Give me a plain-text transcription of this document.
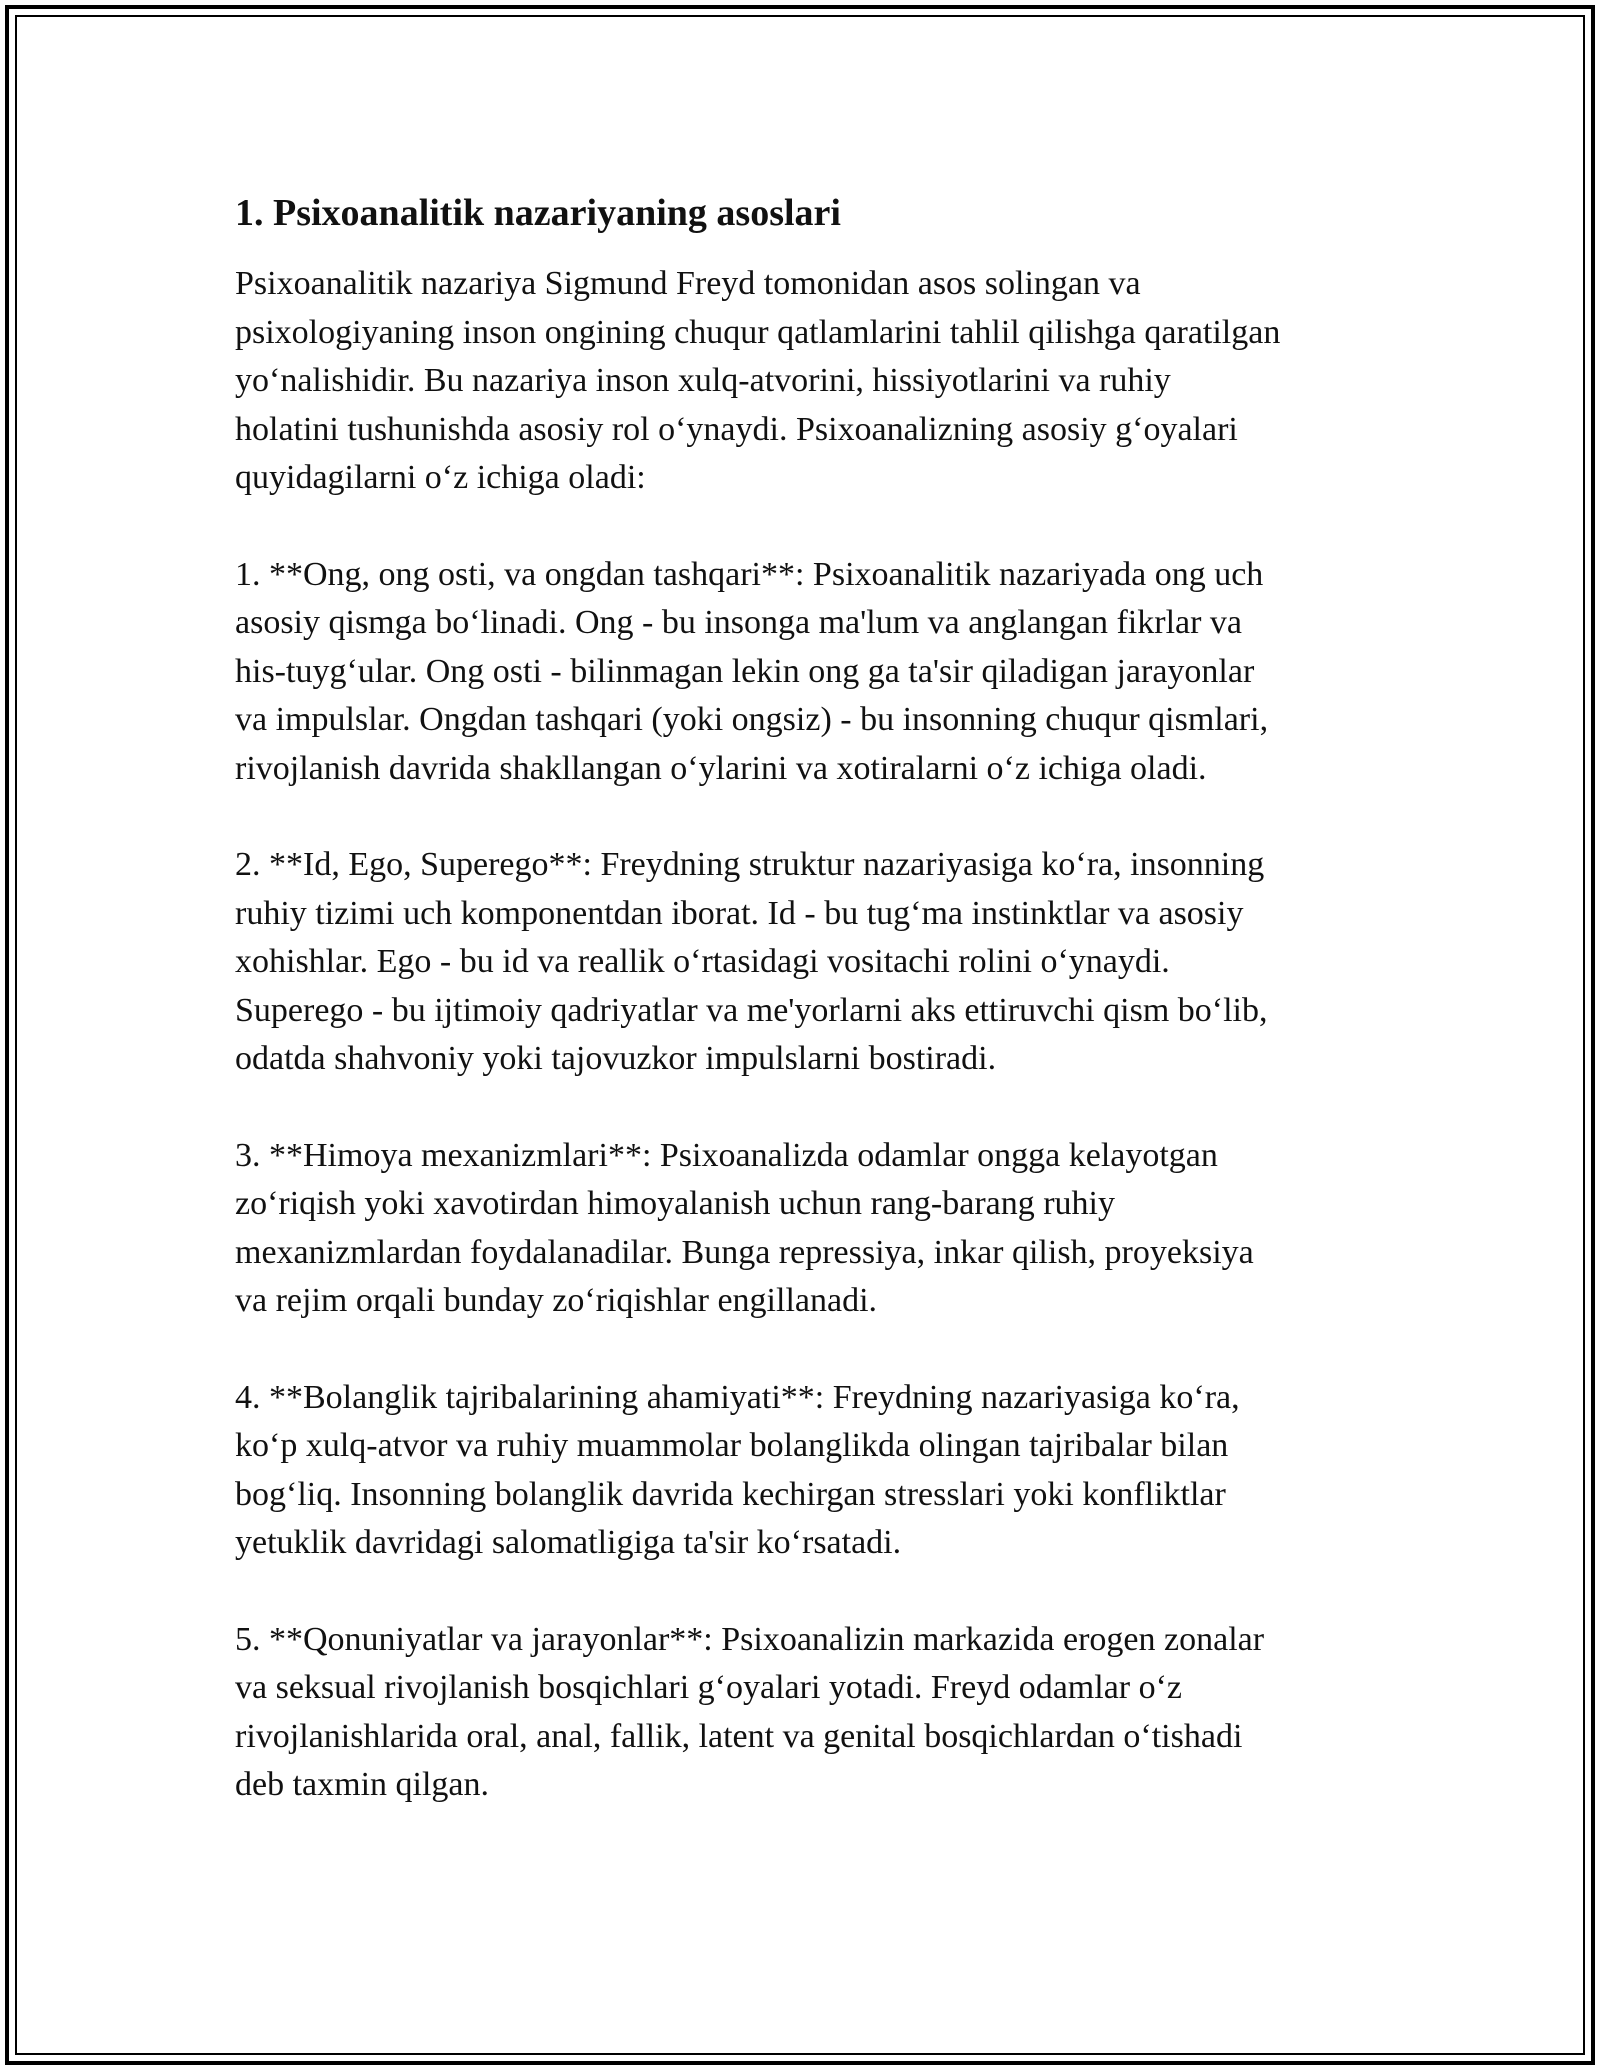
1. Psixoanalitik nazariyaning asoslari

Psixoanalitik nazariya Sigmund Freyd tomonidan asos solingan va
psixologiyaning inson ongining chuqur qatlamlarini tahlil qilishga qaratilgan
yo‘nalishidir. Bu nazariya inson xulq-atvorini, hissiyotlarini va ruhiy
holatini tushunishda asosiy rol o‘ynaydi. Psixoanalizning asosiy g‘oyalari
quyidagilarni o‘z ichiga oladi:

1. **Ong, ong osti, va ongdan tashqari**: Psixoanalitik nazariyada ong uch
asosiy qismga bo‘linadi. Ong - bu insonga ma'lum va anglangan fikrlar va
his-tuyg‘ular. Ong osti - bilinmagan lekin ong ga ta'sir qiladigan jarayonlar
va impulslar. Ongdan tashqari (yoki ongsiz) - bu insonning chuqur qismlari,
rivojlanish davrida shakllangan o‘ylarini va xotiralarni o‘z ichiga oladi.

2. **Id, Ego, Superego**: Freydning struktur nazariyasiga ko‘ra, insonning
ruhiy tizimi uch komponentdan iborat. Id - bu tug‘ma instinktlar va asosiy
xohishlar. Ego - bu id va reallik o‘rtasidagi vositachi rolini o‘ynaydi.
Superego - bu ijtimoiy qadriyatlar va me'yorlarni aks ettiruvchi qism bo‘lib,
odatda shahvoniy yoki tajovuzkor impulslarni bostiradi.

3. **Himoya mexanizmlari**: Psixoanalizda odamlar ongga kelayotgan
zo‘riqish yoki xavotirdan himoyalanish uchun rang-barang ruhiy
mexanizmlardan foydalanadilar. Bunga repressiya, inkar qilish, proyeksiya
va rejim orqali bunday zo‘riqishlar engillanadi.

4. **Bolanglik tajribalarining ahamiyati**: Freydning nazariyasiga ko‘ra,
ko‘p xulq-atvor va ruhiy muammolar bolanglikda olingan tajribalar bilan
bog‘liq. Insonning bolanglik davrida kechirgan stresslari yoki konfliktlar
yetuklik davridagi salomatligiga ta'sir ko‘rsatadi.

5. **Qonuniyatlar va jarayonlar**: Psixoanalizin markazida erogen zonalar
va seksual rivojlanish bosqichlari g‘oyalari yotadi. Freyd odamlar o‘z
rivojlanishlarida oral, anal, fallik, latent va genital bosqichlardan o‘tishadi
deb taxmin qilgan.
